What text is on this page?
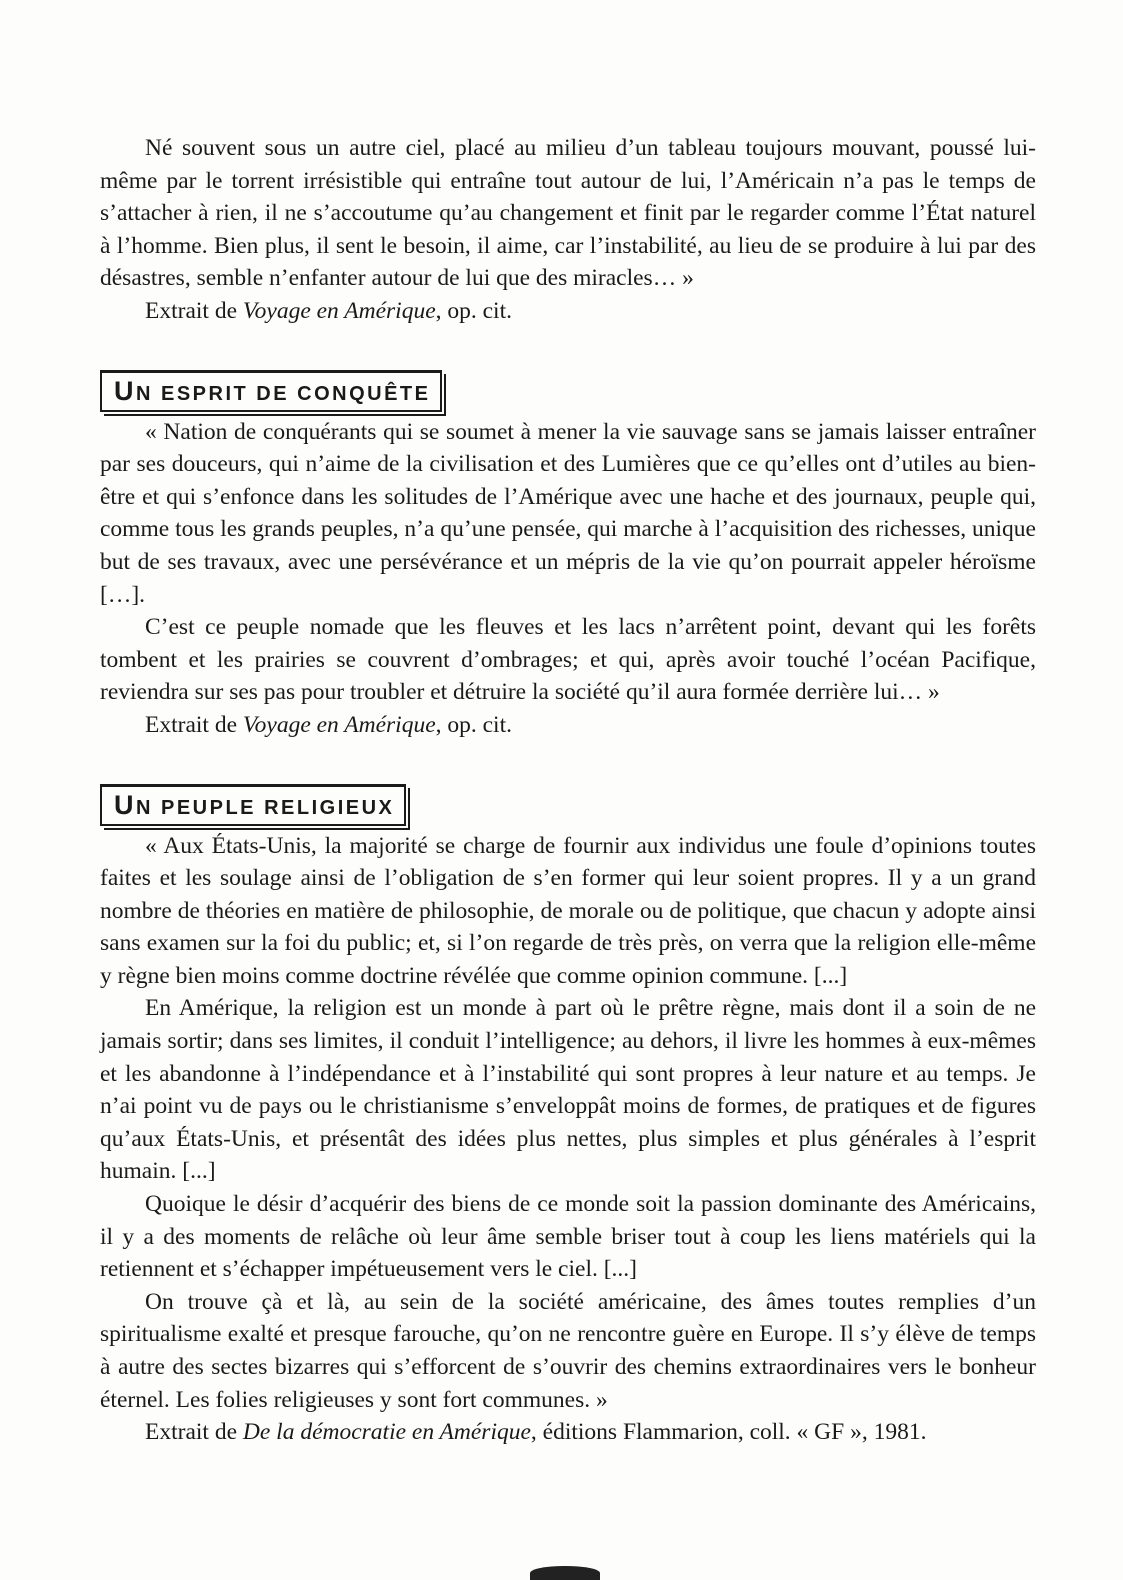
Né souvent sous un autre ciel, placé au milieu d’un tableau toujours mouvant, poussé lui-même par le torrent irrésistible qui entraîne tout autour de lui, l’Américain n’a pas le temps de s’attacher à rien, il ne s’accoutume qu’au changement et finit par le regarder comme l’État naturel à l’homme. Bien plus, il sent le besoin, il aime, car l’instabilité, au lieu de se produire à lui par des désastres, semble n’enfanter autour de lui que des miracles… »

Extrait de Voyage en Amérique, op. cit.
UN ESPRIT DE CONQUÊTE

« Nation de conquérants qui se soumet à mener la vie sauvage sans se jamais laisser entraîner par ses douceurs, qui n’aime de la civilisation et des Lumières que ce qu’elles ont d’utiles au bien-être et qui s’enfonce dans les solitudes de l’Amérique avec une hache et des journaux, peuple qui, comme tous les grands peuples, n’a qu’une pensée, qui marche à l’acquisition des richesses, unique but de ses travaux, avec une persévérance et un mépris de la vie qu’on pourrait appeler héroïsme […].

C’est ce peuple nomade que les fleuves et les lacs n’arrêtent point, devant qui les forêts tombent et les prairies se couvrent d’ombrages; et qui, après avoir touché l’océan Pacifique, reviendra sur ses pas pour troubler et détruire la société qu’il aura formée derrière lui… »

Extrait de Voyage en Amérique, op. cit.
UN PEUPLE RELIGIEUX

« Aux États-Unis, la majorité se charge de fournir aux individus une foule d’opinions toutes faites et les soulage ainsi de l’obligation de s’en former qui leur soient propres. Il y a un grand nombre de théories en matière de philosophie, de morale ou de politique, que chacun y adopte ainsi sans examen sur la foi du public; et, si l’on regarde de très près, on verra que la religion elle-même y règne bien moins comme doctrine révélée que comme opinion commune. [...]

En Amérique, la religion est un monde à part où le prêtre règne, mais dont il a soin de ne jamais sortir; dans ses limites, il conduit l’intelligence; au dehors, il livre les hommes à eux-mêmes et les abandonne à l’indépendance et à l’instabilité qui sont propres à leur nature et au temps. Je n’ai point vu de pays ou le christianisme s’enveloppât moins de formes, de pratiques et de figures qu’aux États-Unis, et présentât des idées plus nettes, plus simples et plus générales à l’esprit humain. [...]

Quoique le désir d’acquérir des biens de ce monde soit la passion dominante des Américains, il y a des moments de relâche où leur âme semble briser tout à coup les liens matériels qui la retiennent et s’échapper impétueusement vers le ciel. [...]

On trouve çà et là, au sein de la société américaine, des âmes toutes remplies d’un spiritualisme exalté et presque farouche, qu’on ne rencontre guère en Europe. Il s’y élève de temps à autre des sectes bizarres qui s’efforcent de s’ouvrir des chemins extraordinaires vers le bonheur éternel. Les folies religieuses y sont fort communes. »

Extrait de De la démocratie en Amérique, éditions Flammarion, coll. « GF », 1981.
